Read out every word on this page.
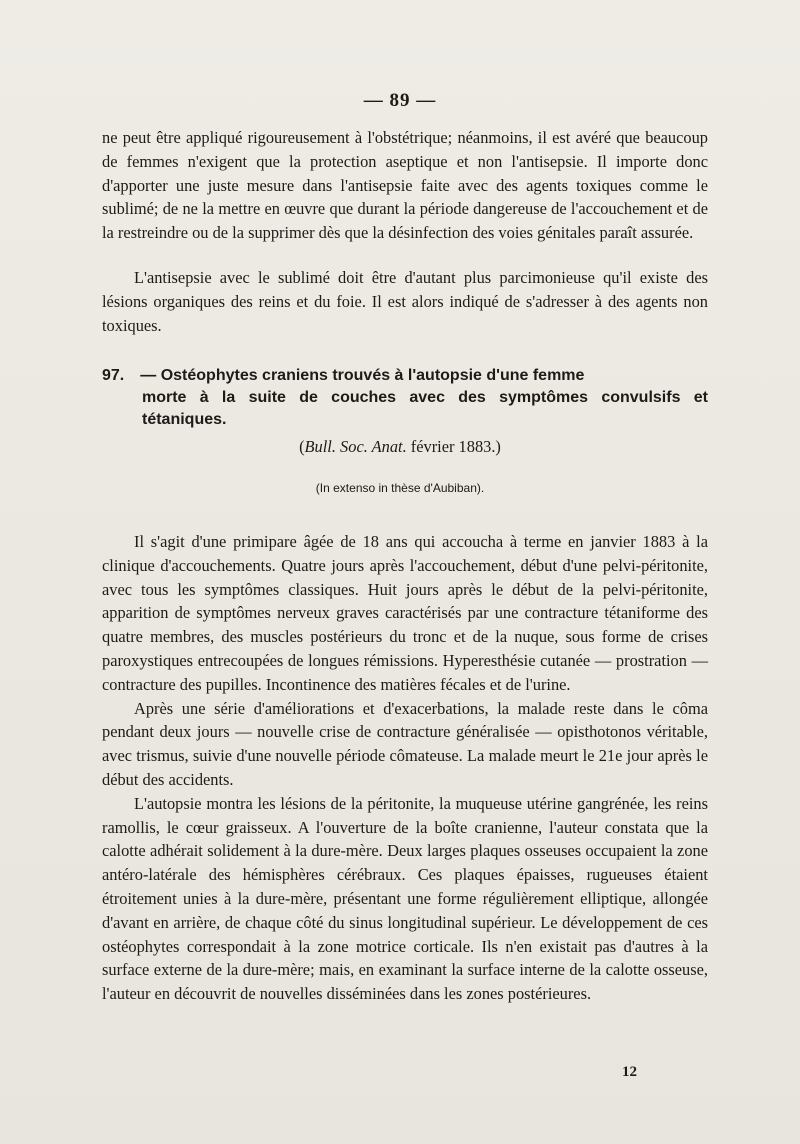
— 89 —

ne peut être appliqué rigoureusement à l'obstétrique; néanmoins, il est avéré que beaucoup de femmes n'exigent que la protection aseptique et non l'antisepsie. Il importe donc d'apporter une juste mesure dans l'antisepsie faite avec des agents toxiques comme le sublimé; de ne la mettre en œuvre que durant la période dangereuse de l'accouchement et de la restreindre ou de la supprimer dès que la désinfection des voies génitales paraît assurée.

L'antisepsie avec le sublimé doit être d'autant plus parcimonieuse qu'il existe des lésions organiques des reins et du foie. Il est alors indiqué de s'adresser à des agents non toxiques.

97. — Ostéophytes craniens trouvés à l'autopsie d'une femme
morte à la suite de couches avec des symptômes convulsifs et tétaniques.
(Bull. Soc. Anat. février 1883.)
(In extenso in thèse d'Aubiban).

Il s'agit d'une primipare âgée de 18 ans qui accoucha à terme en janvier 1883 à la clinique d'accouchements. Quatre jours après l'accouchement, début d'une pelvi-péritonite, avec tous les symptômes classiques. Huit jours après le début de la pelvi-péritonite, apparition de symptômes nerveux graves caractérisés par une contracture tétaniforme des quatre membres, des muscles postérieurs du tronc et de la nuque, sous forme de crises paroxystiques entrecoupées de longues rémissions. Hyperesthésie cutanée — prostration — contracture des pupilles. Incontinence des matières fécales et de l'urine.

Après une série d'améliorations et d'exacerbations, la malade reste dans le côma pendant deux jours — nouvelle crise de contracture généralisée — opisthotonos véritable, avec trismus, suivie d'une nouvelle période cômateuse. La malade meurt le 21e jour après le début des accidents.

L'autopsie montra les lésions de la péritonite, la muqueuse utérine gangrénée, les reins ramollis, le cœur graisseux. A l'ouverture de la boîte cranienne, l'auteur constata que la calotte adhérait solidement à la dure-mère. Deux larges plaques osseuses occupaient la zone antéro-latérale des hémisphères cérébraux. Ces plaques épaisses, rugueuses étaient étroitement unies à la dure-mère, présentant une forme régulièrement elliptique, allongée d'avant en arrière, de chaque côté du sinus longitudinal supérieur. Le développement de ces ostéophytes correspondait à la zone motrice corticale. Ils n'en existait pas d'autres à la surface externe de la dure-mère; mais, en examinant la surface interne de la calotte osseuse, l'auteur en découvrit de nouvelles disséminées dans les zones postérieures.

12
